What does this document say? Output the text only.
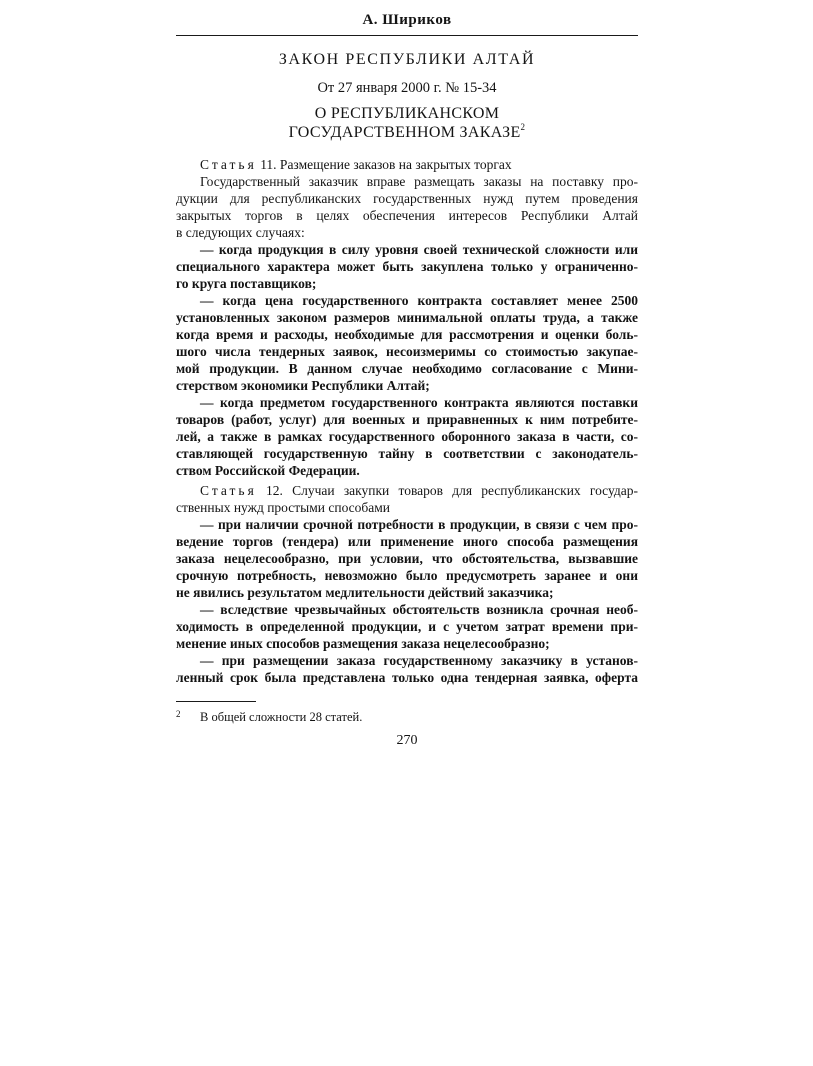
А. Шириков
ЗАКОН РЕСПУБЛИКИ АЛТАЙ
От 27 января 2000 г. № 15-34
О РЕСПУБЛИКАНСКОМ
ГОСУДАРСТВЕННОМ ЗАКАЗЕ$^2$
Статья 11. Размещение заказов на закрытых торгах
Государственный заказчик вправе размещать заказы на поставку про-
дукции для республиканских государственных нужд путем проведения
закрытых торгов в целях обеспечения интересов Республики Алтай
в следующих случаях:
— когда продукция в силу уровня своей технической сложности или
специального характера может быть закуплена только у ограниченно-
го круга поставщиков;
— когда цена государственного контракта составляет менее 2500
установленных законом размеров минимальной оплаты труда, а также
когда время и расходы, необходимые для рассмотрения и оценки боль-
шого числа тендерных заявок, несоизмеримы со стоимостью закупае-
мой продукции. В данном случае необходимо согласование с Мини-
стерством экономики Республики Алтай;
— когда предметом государственного контракта являются поставки
товаров (работ, услуг) для военных и приравненных к ним потребите-
лей, а также в рамках государственного оборонного заказа в части, со-
ставляющей государственную тайну в соответствии с законодатель-
ством Российской Федерации.
Статья 12. Случаи закупки товаров для республиканских государ-
ственных нужд простыми способами
— при наличии срочной потребности в продукции, в связи с чем про-
ведение торгов (тендера) или применение иного способа размещения
заказа нецелесообразно, при условии, что обстоятельства, вызвавшие
срочную потребность, невозможно было предусмотреть заранее и они
не явились результатом медлительности действий заказчика;
— вследствие чрезвычайных обстоятельств возникла срочная необ-
ходимость в определенной продукции, и с учетом затрат времени при-
менение иных способов размещения заказа нецелесообразно;
— при размещении заказа государственному заказчику в установ-
ленный срок была представлена только одна тендерная заявка, оферта
2 В общей сложности 28 статей.
270
